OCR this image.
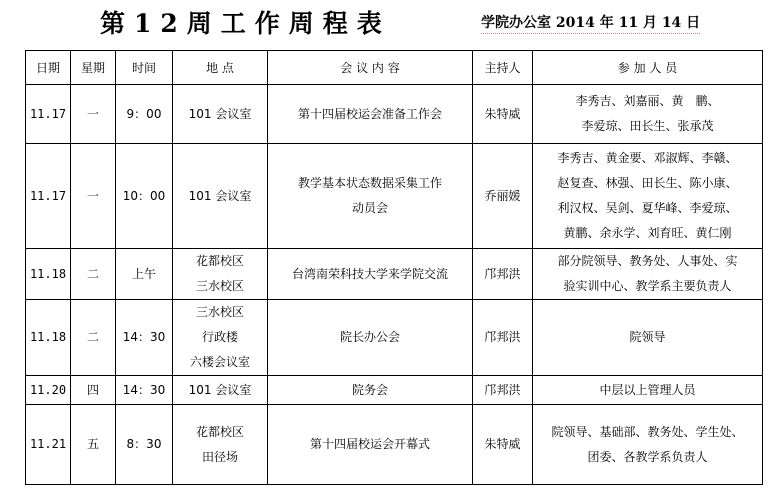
第12周工作周程表	学院办公室 2014 年 11 月 14 日
日期	星期	时间	地 点	会 议 内 容	主持人	参 加 人 员
11.17	一	9：00	101 会议室	第十四届校运会准备工作会	朱特威	李秀吉、刘嘉丽、黄　鹏、
李爱琼、田长生、张承茂

11.17	一	10：00	101 会议室	教学基本状态数据采集工作
动员会	乔丽媛	李秀吉、黄金要、邓淑辉、李赣、
赵复查、林强、田长生、陈小康、
利汉权、吴剑、夏华峰、李爱琼、
黄鹏、余永学、刘育旺、黄仁刚

11.18	二	上午	花都校区
三水校区	台湾南荣科技大学来学院交流	邝邦洪	部分院领导、教务处、人事处、实
验实训中心、教学系主要负责人

11.18	二	14：30	三水校区
行政楼
六楼会议室	院长办公会	邝邦洪	院领导

11.20	四	14：30	101 会议室	院务会	邝邦洪	中层以上管理人员

11.21	五	8：30	花都校区
田径场	第十四届校运会开幕式	朱特威	院领导、基础部、教务处、学生处、
团委、各教学系负责人
